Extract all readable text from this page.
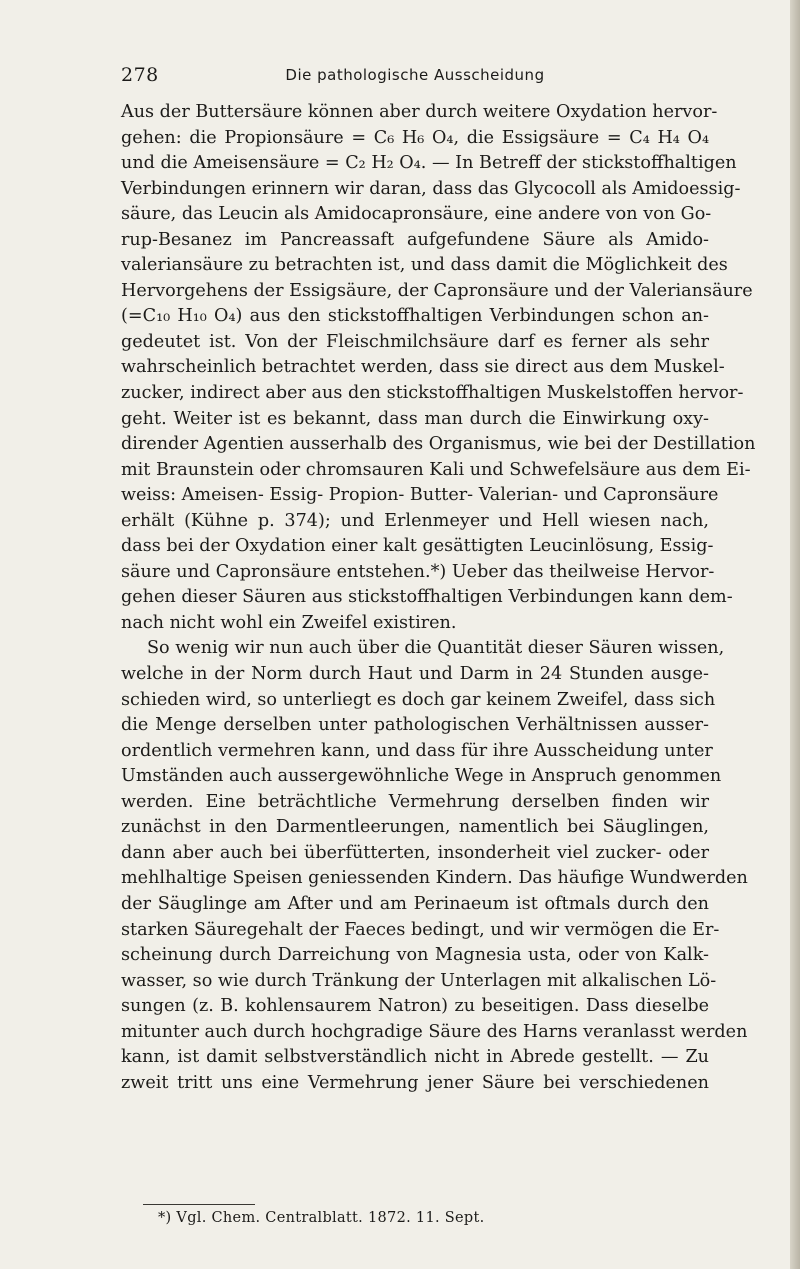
278	Die pathologische Ausscheidung
Aus der Buttersäure können aber durch weitere Oxydation hervor-
gehen: die Propionsäure = C₆ H₆ O₄, die Essigsäure = C₄ H₄ O₄
und die Ameisensäure = C₂ H₂ O₄. — In Betreff der stickstoffhaltigen
Verbindungen erinnern wir daran, dass das Glycocoll als Amidoessig-
säure, das Leucin als Amidocapronsäure, eine andere von von Go-
rup-Besanez im Pancreassaft aufgefundene Säure als Amido-
valeriansäure zu betrachten ist, und dass damit die Möglichkeit des
Hervorgehens der Essigsäure, der Capronsäure und der Valeriansäure
(=C₁₀ H₁₀ O₄) aus den stickstoffhaltigen Verbindungen schon an-
gedeutet ist. Von der Fleischmilchsäure darf es ferner als sehr
wahrscheinlich betrachtet werden, dass sie direct aus dem Muskel-
zucker, indirect aber aus den stickstoffhaltigen Muskelstoffen hervor-
geht. Weiter ist es bekannt, dass man durch die Einwirkung oxy-
dirender Agentien ausserhalb des Organismus, wie bei der Destillation
mit Braunstein oder chromsauren Kali und Schwefelsäure aus dem Ei-
weiss: Ameisen- Essig- Propion- Butter- Valerian- und Capronsäure
erhält (Kühne p. 374); und Erlenmeyer und Hell wiesen nach,
dass bei der Oxydation einer kalt gesättigten Leucinlösung, Essig-
säure und Capronsäure entstehen.*) Ueber das theilweise Hervor-
gehen dieser Säuren aus stickstoffhaltigen Verbindungen kann dem-
nach nicht wohl ein Zweifel existiren.
So wenig wir nun auch über die Quantität dieser Säuren wissen,
welche in der Norm durch Haut und Darm in 24 Stunden ausge-
schieden wird, so unterliegt es doch gar keinem Zweifel, dass sich
die Menge derselben unter pathologischen Verhältnissen ausser-
ordentlich vermehren kann, und dass für ihre Ausscheidung unter
Umständen auch aussergewöhnliche Wege in Anspruch genommen
werden. Eine beträchtliche Vermehrung derselben finden wir
zunächst in den Darmentleerungen, namentlich bei Säuglingen,
dann aber auch bei überfütterten, insonderheit viel zucker- oder
mehlhaltige Speisen geniessenden Kindern. Das häufige Wundwerden
der Säuglinge am After und am Perinaeum ist oftmals durch den
starken Säuregehalt der Faeces bedingt, und wir vermögen die Er-
scheinung durch Darreichung von Magnesia usta, oder von Kalk-
wasser, so wie durch Tränkung der Unterlagen mit alkalischen Lö-
sungen (z. B. kohlensaurem Natron) zu beseitigen. Dass dieselbe
mitunter auch durch hochgradige Säure des Harns veranlasst werden
kann, ist damit selbstverständlich nicht in Abrede gestellt. — Zu
zweit tritt uns eine Vermehrung jener Säure bei verschiedenen
*) Vgl. Chem. Centralblatt. 1872. 11. Sept.
